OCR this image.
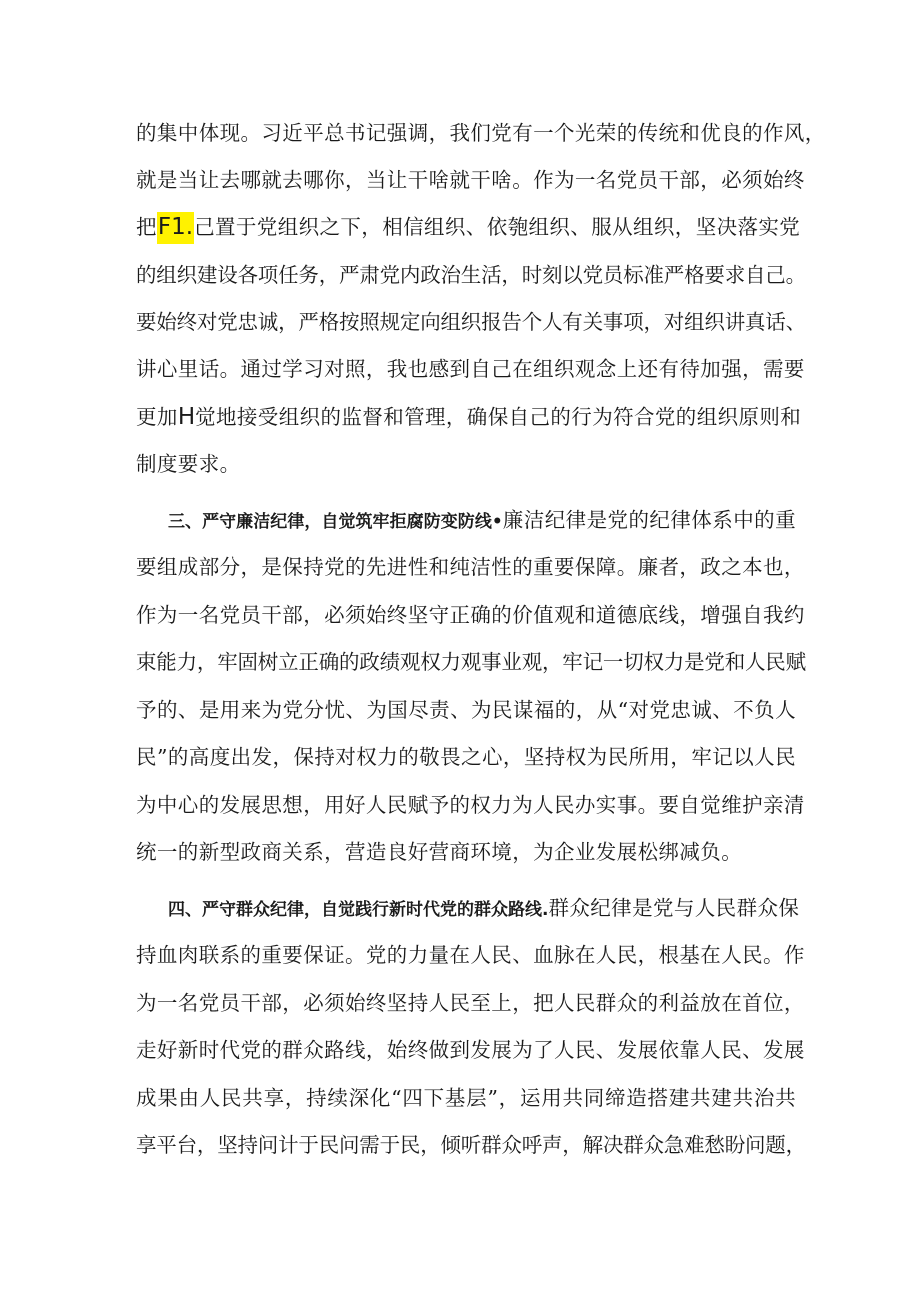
的集中体现。习近平总书记强调，我们党有一个光荣的传统和优良的作风，
就是当让去哪就去哪你，当让干啥就干啥。作为一名党员干部，必须始终
把F1.己置于党组织之下，相信组织、依匏组织、服从组织，坚决落实党
的组织建设各项任务，严肃党内政治生活，时刻以党员标准严格要求自己。
要始终对党忠诚，严格按照规定向组织报告个人有关事项，对组织讲真话、
讲心里话。通过学习对照，我也感到自己在组织观念上还有待加强，需要
更加H觉地接受组织的监督和管理，确保自己的行为符合党的组织原则和
制度要求。
三、严守廉洁纪律，自觉筑牢拒腐防变防线•廉洁纪律是党的纪律体系中的重
要组成部分，是保持党的先进性和纯洁性的重要保障。廉者，政之本也，
作为一名党员干部，必须始终坚守正确的价值观和道德底线，增强自我约
束能力，牢固树立正确的政绩观权力观事业观，牢记一切权力是党和人民赋
予的、是用来为党分忧、为国尽责、为民谋福的，从“对党忠诚、不负人
民”的高度出发，保持对权力的敬畏之心，坚持权为民所用，牢记以人民
为中心的发展思想，用好人民赋予的权力为人民办实事。要自觉维护亲清
统一的新型政商关系，营造良好营商环境，为企业发展松绑减负。
四、严守群众纪律，自觉践行新时代党的群众路线.群众纪律是党与人民群众保
持血肉联系的重要保证。党的力量在人民、血脉在人民，根基在人民。作
为一名党员干部，必须始终坚持人民至上，把人民群众的利益放在首位，
走好新时代党的群众路线，始终做到发展为了人民、发展依靠人民、发展
成果由人民共享，持续深化“四下基层”，运用共同缔造搭建共建共治共
享平台，坚持问计于民问需于民，倾听群众呼声，解决群众急难愁盼问题，
